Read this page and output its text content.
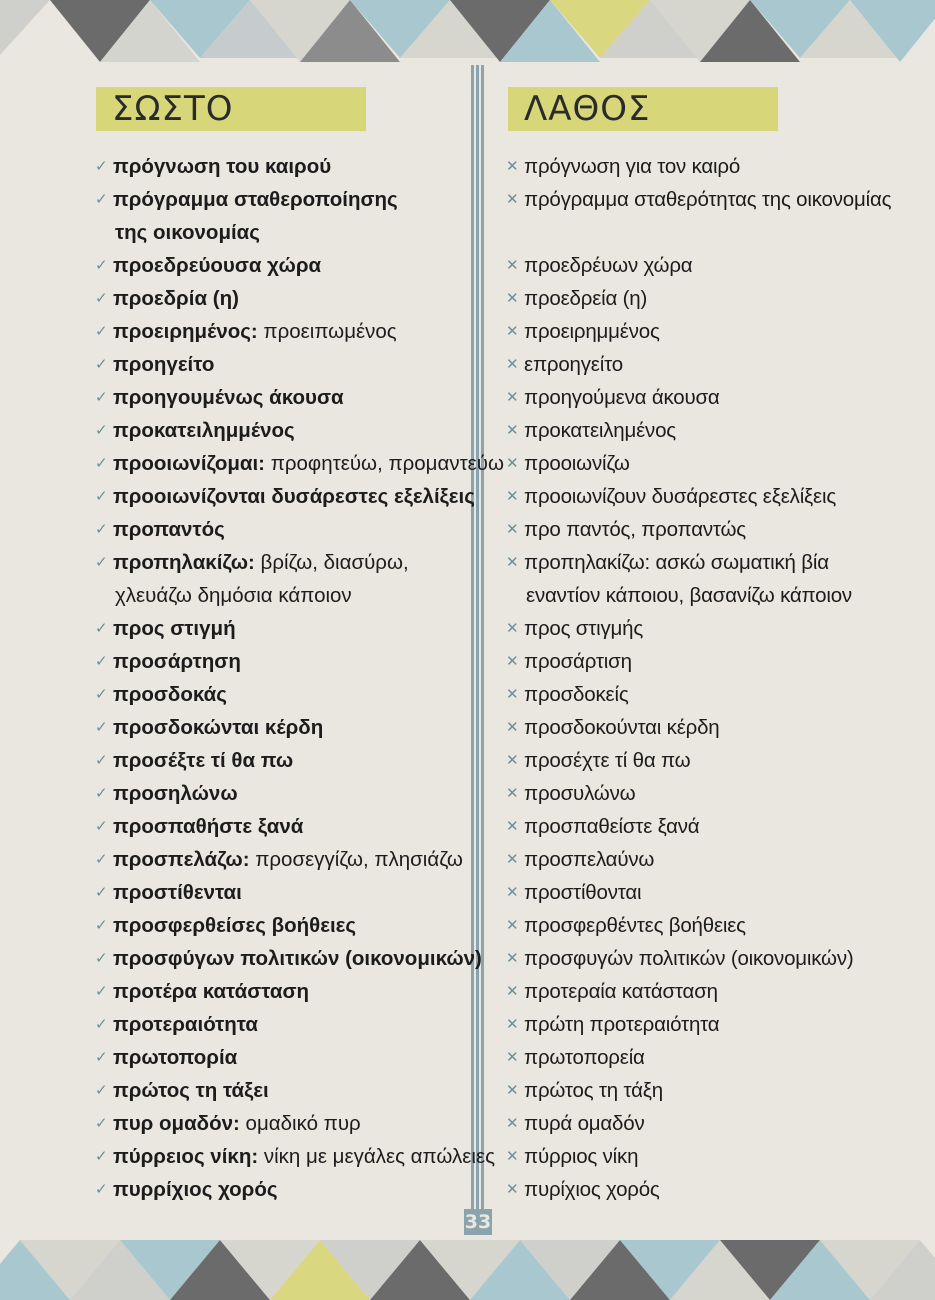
ΣΩΣΤΟ	ΛΑΘΟΣ
✓ πρόγνωση του καιρού
✓ πρόγραμμα σταθεροποίησης
της οικονομίας
✓ προεδρεύουσα χώρα
✓ προεδρία (η)
✓ προειρημένος: προειπωμένος
✓ προηγείτο
✓ προηγουμένως άκουσα
✓ προκατειλημμένος
✓ προοιωνίζομαι: προφητεύω, προμαντεύω
✓ προοιωνίζονται δυσάρεστες εξελίξεις
✓ προπαντός
✓ προπηλακίζω: βρίζω, διασύρω,
χλευάζω δημόσια κάποιον
✓ προς στιγμή
✓ προσάρτηση
✓ προσδοκάς
✓ προσδοκώνται κέρδη
✓ προσέξτε τί θα πω
✓ προσηλώνω
✓ προσπαθήστε ξανά
✓ προσπελάζω: προσεγγίζω, πλησιάζω
✓ προστίθενται
✓ προσφερθείσες βοήθειες
✓ προσφύγων πολιτικών (οικονομικών)
✓ προτέρα κατάσταση
✓ προτεραιότητα
✓ πρωτοπορία
✓ πρώτος τη τάξει
✓ πυρ ομαδόν: ομαδικό πυρ
✓ πύρρειος νίκη: νίκη με μεγάλες απώλειες
✓ πυρρίχιος χορός
✕ πρόγνωση για τον καιρό
✕ πρόγραμμα σταθερότητας της οικονομίας
✕ προεδρέυων χώρα
✕ προεδρεία (η)
✕ προειρημμένος
✕ επροηγείτο
✕ προηγούμενα άκουσα
✕ προκατειλημένος
✕ προοιωνίζω
✕ προοιωνίζουν δυσάρεστες εξελίξεις
✕ προ παντός, προπαντώς
✕ προπηλακίζω: ασκώ σωματική βία
εναντίον κάποιου, βασανίζω κάποιον
✕ προς στιγμής
✕ προσάρτιση
✕ προσδοκείς
✕ προσδοκούνται κέρδη
✕ προσέχτε τί θα πω
✕ προσυλώνω
✕ προσπαθείστε ξανά
✕ προσπελαύνω
✕ προστίθονται
✕ προσφερθέντες βοήθειες
✕ προσφυγών πολιτικών (οικονομικών)
✕ προτεραία κατάσταση
✕ πρώτη προτεραιότητα
✕ πρωτοπορεία
✕ πρώτος τη τάξη
✕ πυρά ομαδόν
✕ πύρριος νίκη
✕ πυρίχιος χορός
33
